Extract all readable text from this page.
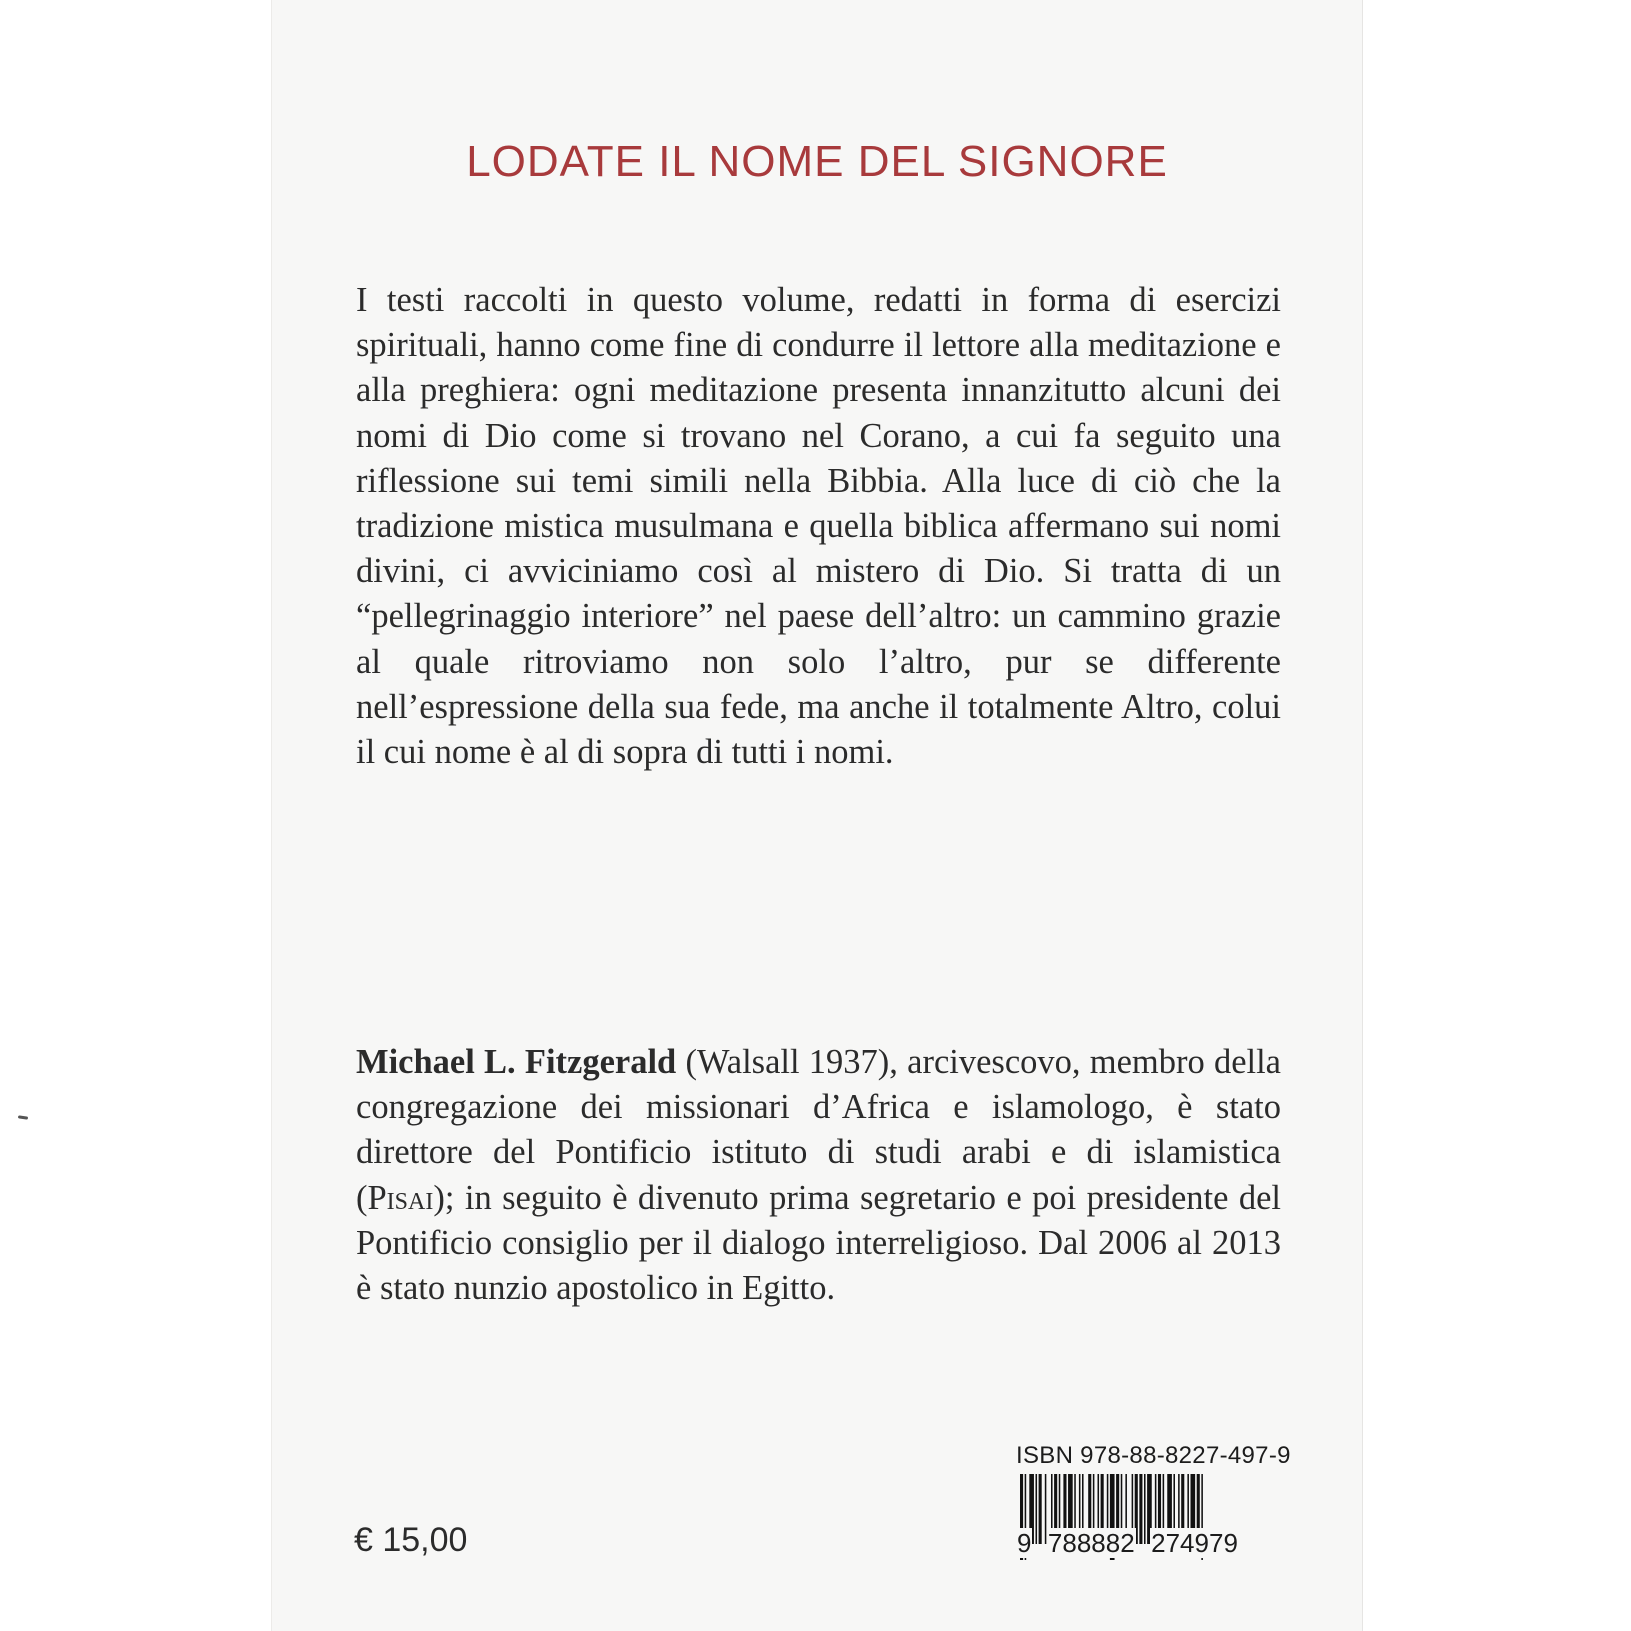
LODATE IL NOME DEL SIGNORE

I testi raccolti in questo volume, redatti in forma di esercizi spirituali, hanno come fine di condurre il lettore alla meditazione e alla preghiera: ogni meditazione presenta innanzitutto alcuni dei nomi di Dio come si trovano nel Corano, a cui fa seguito una riflessione sui temi simili nella Bibbia. Alla luce di ciò che la tradizione mistica musulmana e quella biblica affermano sui nomi divini, ci avviciniamo così al mistero di Dio. Si tratta di un “pellegrinaggio interiore” nel paese dell’altro: un cammino grazie al quale ritroviamo non solo l’altro, pur se differente nell’espressione della sua fede, ma anche il totalmente Altro, colui il cui nome è al di sopra di tutti i nomi.

Michael L. Fitzgerald (Walsall 1937), arcivescovo, membro della congregazione dei missionari d’Africa e islamologo, è stato direttore del Pontificio istituto di studi arabi e di islamistica (Pisai); in seguito è divenuto prima segretario e poi presidente del Pontificio consiglio per il dialogo interreligioso. Dal 2006 al 2013 è stato nunzio apostolico in Egitto.

ISBN 978-88-8227-497-9
9 788882 274979
€ 15,00
